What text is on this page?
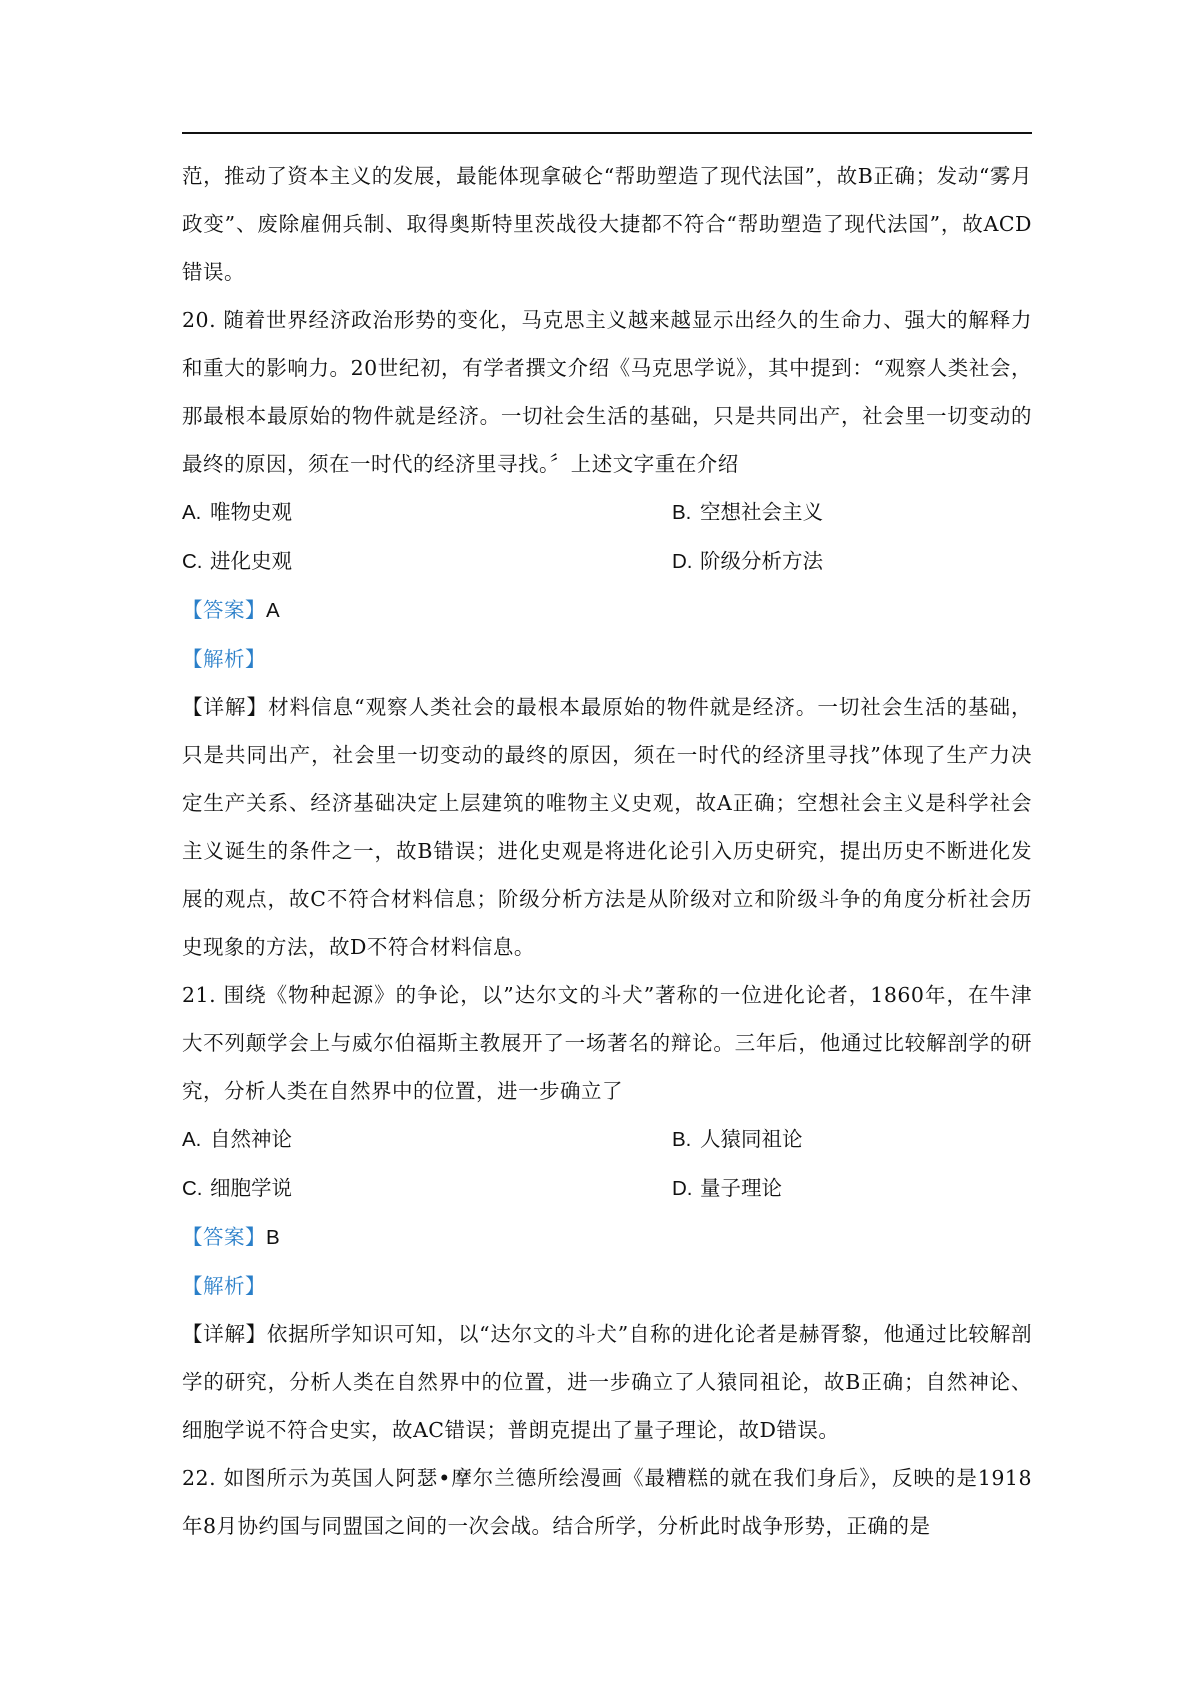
范，推动了资本主义的发展，最能体现拿破仑“帮助塑造了现代法国”，故B正确；发动“雾月政变”、废除雇佣兵制、取得奥斯特里茨战役大捷都不符合“帮助塑造了现代法国”，故ACD错误。

20. 随着世界经济政治形势的变化，马克思主义越来越显示出经久的生命力、强大的解释力和重大的影响力。20世纪初，有学者撰文介绍《马克思学说》，其中提到：“观察人类社会，那最根本最原始的物件就是经济。一切社会生活的基础，只是共同出产，社会里一切变动的最终的原因，须在一时代的经济里寻找。〞上述文字重在介绍

A. 唯物史观	B. 空想社会主义
C. 进化史观	D. 阶级分析方法

【答案】A

【解析】

【详解】材料信息“观察人类社会的最根本最原始的物件就是经济。一切社会生活的基础，只是共同出产，社会里一切变动的最终的原因，须在一时代的经济里寻找”体现了生产力决定生产关系、经济基础决定上层建筑的唯物主义史观，故A正确；空想社会主义是科学社会主义诞生的条件之一，故B错误；进化史观是将进化论引入历史研究，提出历史不断进化发展的观点，故C不符合材料信息；阶级分析方法是从阶级对立和阶级斗争的角度分析社会历史现象的方法，故D不符合材料信息。

21. 围绕《物种起源》的争论，以”达尔文的斗犬”著称的一位进化论者，1860年，在牛津大不列颠学会上与威尔伯福斯主教展开了一场著名的辩论。三年后，他通过比较解剖学的研究，分析人类在自然界中的位置，进一步确立了

A. 自然神论	B. 人猿同祖论
C. 细胞学说	D. 量子理论

【答案】B

【解析】

【详解】依据所学知识可知，以“达尔文的斗犬”自称的进化论者是赫胥黎，他通过比较解剖学的研究，分析人类在自然界中的位置，进一步确立了人猿同祖论，故B正确；自然神论、细胞学说不符合史实，故AC错误；普朗克提出了量子理论，故D错误。

22. 如图所示为英国人阿瑟•摩尔兰德所绘漫画《最糟糕的就在我们身后》，反映的是1918年8月协约国与同盟国之间的一次会战。结合所学，分析此时战争形势，正确的是
